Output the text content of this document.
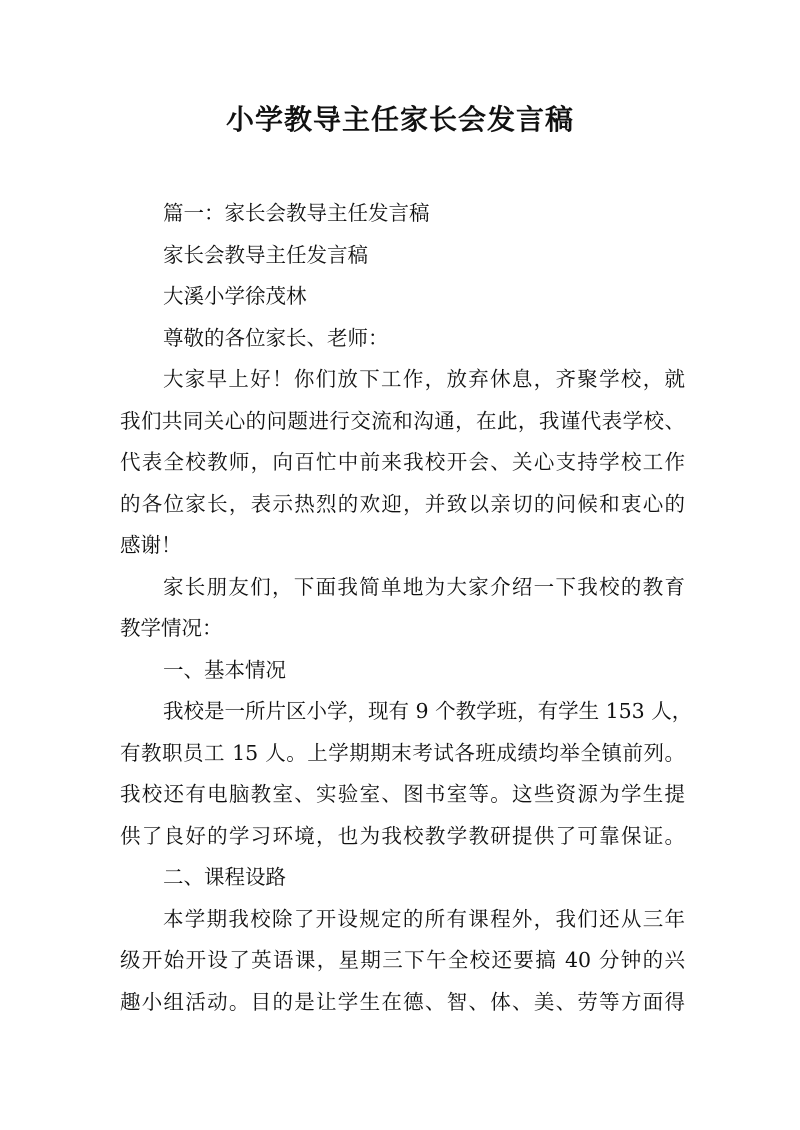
小学教导主任家长会发言稿

篇一：家长会教导主任发言稿

家长会教导主任发言稿

大溪小学徐茂林

尊敬的各位家长、老师：

大家早上好！你们放下工作，放弃休息，齐聚学校，就

我们共同关心的问题进行交流和沟通，在此，我谨代表学校、

代表全校教师，向百忙中前来我校开会、关心支持学校工作

的各位家长，表示热烈的欢迎，并致以亲切的问候和衷心的

感谢！

家长朋友们，下面我简单地为大家介绍一下我校的教育

教学情况：

一、基本情况

我校是一所片区小学，现有 9 个教学班，有学生 153 人，

有教职员工 15 人。上学期期末考试各班成绩均举全镇前列。

我校还有电脑教室、实验室、图书室等。这些资源为学生提

供了良好的学习环境，也为我校教学教研提供了可靠保证。

二、课程设路

本学期我校除了开设规定的所有课程外，我们还从三年

级开始开设了英语课，星期三下午全校还要搞 40 分钟的兴

趣小组活动。目的是让学生在德、智、体、美、劳等方面得
